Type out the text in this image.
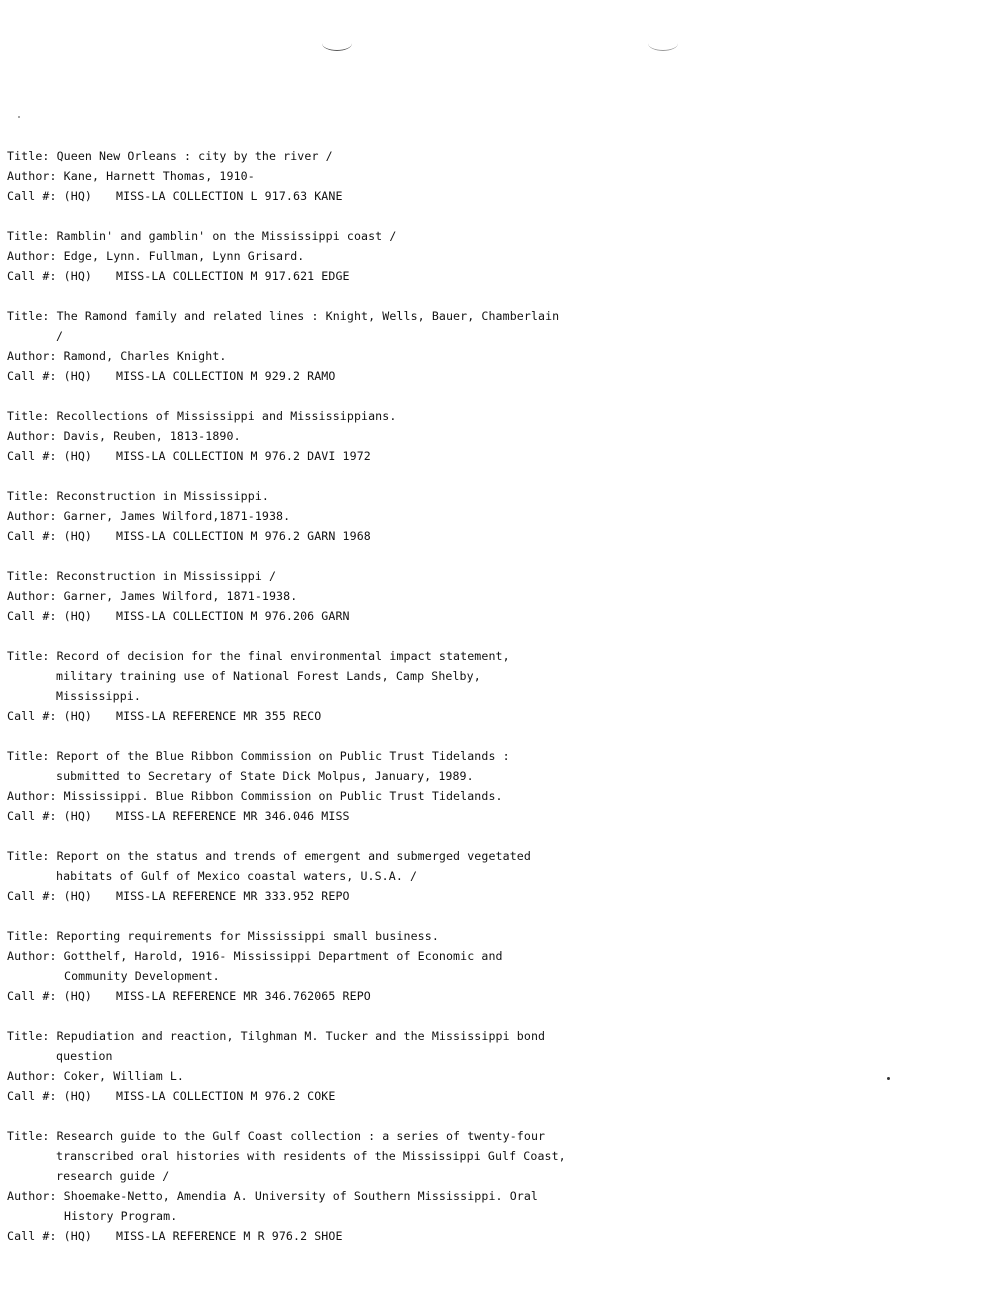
Title: Queen New Orleans : city by the river /
Author: Kane, Harnett Thomas, 1910-
Call #: (HQ) MISS-LA COLLECTION L 917.63 KANE
Title: Ramblin' and gamblin' on the Mississippi coast /
Author: Edge, Lynn. Fullman, Lynn Grisard.
Call #: (HQ) MISS-LA COLLECTION M 917.621 EDGE
Title: The Ramond family and related lines : Knight, Wells, Bauer, Chamberlain
/
Author: Ramond, Charles Knight.
Call #: (HQ) MISS-LA COLLECTION M 929.2 RAMO
Title: Recollections of Mississippi and Mississippians.
Author: Davis, Reuben, 1813-1890.
Call #: (HQ) MISS-LA COLLECTION M 976.2 DAVI 1972
Title: Reconstruction in Mississippi.
Author: Garner, James Wilford,1871-1938.
Call #: (HQ) MISS-LA COLLECTION M 976.2 GARN 1968
Title: Reconstruction in Mississippi /
Author: Garner, James Wilford, 1871-1938.
Call #: (HQ) MISS-LA COLLECTION M 976.206 GARN
Title: Record of decision for the final environmental impact statement,
military training use of National Forest Lands, Camp Shelby,
Mississippi.
Call #: (HQ) MISS-LA REFERENCE MR 355 RECO
Title: Report of the Blue Ribbon Commission on Public Trust Tidelands :
submitted to Secretary of State Dick Molpus, January, 1989.
Author: Mississippi. Blue Ribbon Commission on Public Trust Tidelands.
Call #: (HQ) MISS-LA REFERENCE MR 346.046 MISS
Title: Report on the status and trends of emergent and submerged vegetated
habitats of Gulf of Mexico coastal waters, U.S.A. /
Call #: (HQ) MISS-LA REFERENCE MR 333.952 REPO
Title: Reporting requirements for Mississippi small business.
Author: Gotthelf, Harold, 1916- Mississippi Department of Economic and
Community Development.
Call #: (HQ) MISS-LA REFERENCE MR 346.762065 REPO
Title: Repudiation and reaction, Tilghman M. Tucker and the Mississippi bond
question
Author: Coker, William L.
Call #: (HQ) MISS-LA COLLECTION M 976.2 COKE
Title: Research guide to the Gulf Coast collection : a series of twenty-four
transcribed oral histories with residents of the Mississippi Gulf Coast,
research guide /
Author: Shoemake-Netto, Amendia A. University of Southern Mississippi. Oral
History Program.
Call #: (HQ) MISS-LA REFERENCE M R 976.2 SHOE
